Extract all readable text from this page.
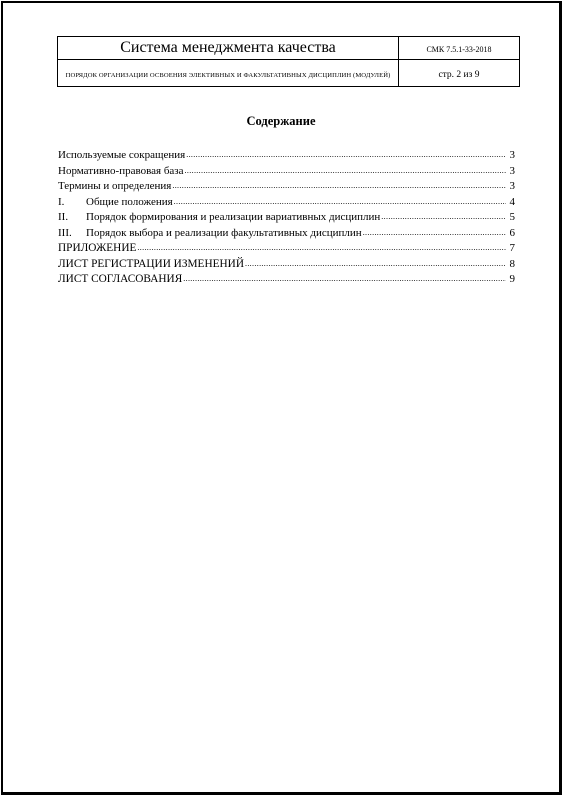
Система менеджмента качества	СМК 7.5.1-33-2018
ПОРЯДОК ОРГАНИЗАЦИИ ОСВОЕНИЯ ЭЛЕКТИВНЫХ И ФАКУЛЬТАТИВНЫХ ДИСЦИПЛИН (МОДУЛЕЙ)	стр. 2 из 9
Содержание
Используемые сокращения .....	3
Нормативно-правовая база .....	3
Термины и определения .....	3
I.	Общие положения .....	4
II.	Порядок формирования и реализации вариативных дисциплин .....	5
III.	Порядок выбора и реализации факультативных дисциплин .....	6
ПРИЛОЖЕНИЕ .....	7
ЛИСТ РЕГИСТРАЦИИ ИЗМЕНЕНИЙ .....	8
ЛИСТ СОГЛАСОВАНИЯ .....	9
